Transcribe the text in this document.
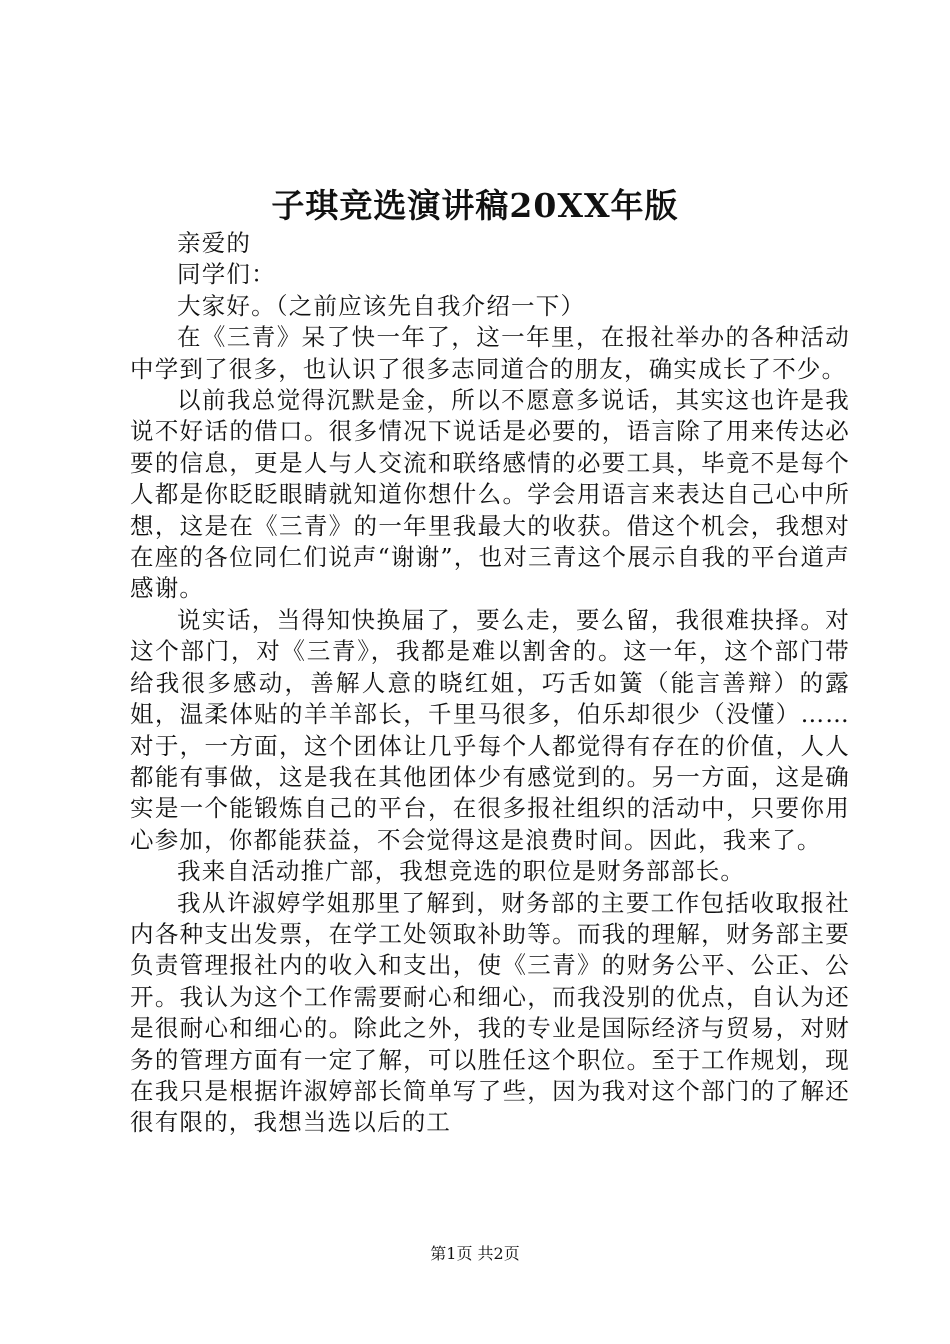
子琪竞选演讲稿20XX年版

亲爱的

同学们：

大家好。（之前应该先自我介绍一下）

在《三青》呆了快一年了，这一年里，在报社举办的各种活动中学到了很多，也认识了很多志同道合的朋友，确实成长了不少。

以前我总觉得沉默是金，所以不愿意多说话，其实这也许是我说不好话的借口。很多情况下说话是必要的，语言除了用来传达必要的信息，更是人与人交流和联络感情的必要工具，毕竟不是每个人都是你眨眨眼睛就知道你想什么。学会用语言来表达自己心中所想，这是在《三青》的一年里我最大的收获。借这个机会，我想对在座的各位同仁们说声“谢谢”，也对三青这个展示自我的平台道声感谢。

说实话，当得知快换届了，要么走，要么留，我很难抉择。对这个部门，对《三青》，我都是难以割舍的。这一年，这个部门带给我很多感动，善解人意的晓红姐，巧舌如簧（能言善辩）的露姐，温柔体贴的羊羊部长，千里马很多，伯乐却很少（没懂）……对于，一方面，这个团体让几乎每个人都觉得有存在的价值，人人都能有事做，这是我在其他团体少有感觉到的。另一方面，这是确实是一个能锻炼自己的平台，在很多报社组织的活动中，只要你用心参加，你都能获益，不会觉得这是浪费时间。因此，我来了。

我来自活动推广部，我想竞选的职位是财务部部长。

我从许淑婷学姐那里了解到，财务部的主要工作包括收取报社内各种支出发票，在学工处领取补助等。而我的理解，财务部主要负责管理报社内的收入和支出，使《三青》的财务公平、公正、公开。我认为这个工作需要耐心和细心，而我没别的优点，自认为还是很耐心和细心的。除此之外，我的专业是国际经济与贸易，对财务的管理方面有一定了解，可以胜任这个职位。至于工作规划，现在我只是根据许淑婷部长简单写了些，因为我对这个部门的了解还很有限的，我想当选以后的工

第1页 共2页
